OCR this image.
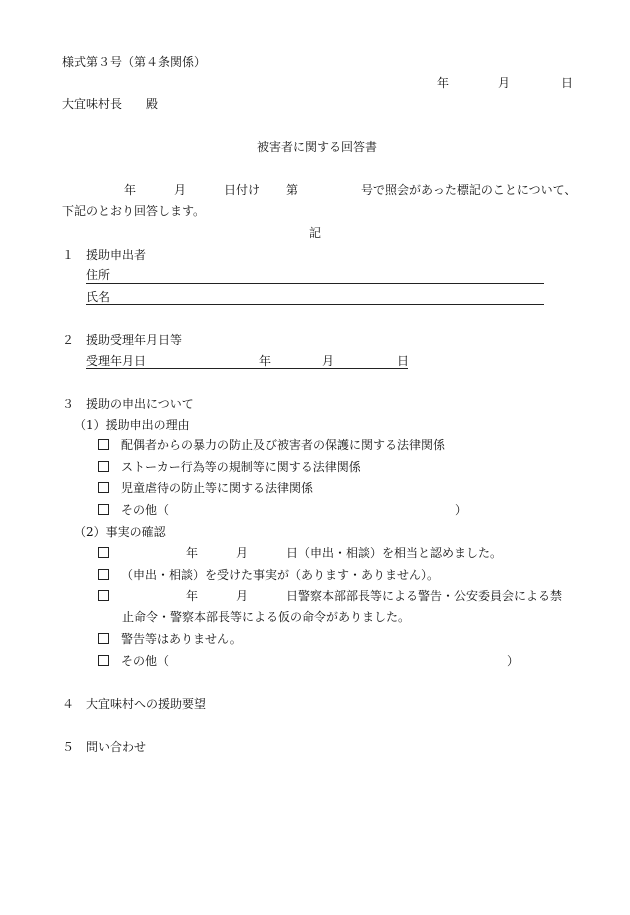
様式第３号（第４条関係）
年	月	日
大宜味村長　　殿
被害者に関する回答書
年	月	日付け 第	号で照会があった標記のことについて、
下記のとおり回答します。
記
１　援助申出者
住所
氏名
２　援助受理年月日等
受理年月日	年	月	日
３　援助の申出について
（1）援助申出の理由
配偶者からの暴力の防止及び被害者の保護に関する法律関係
ストーカー行為等の規制等に関する法律関係
児童虐待の防止等に関する法律関係
その他（	）
（2）事実の確認
年	月	日（申出・相談）を相当と認めました。
（申出・相談）を受けた事実が（あります・ありません）。
年	月	日警察本部部長等による警告・公安委員会による禁
止命令・警察本部長等による仮の命令がありました。
警告等はありません。
その他（	）
４　大宜味村への援助要望
５　問い合わせ
